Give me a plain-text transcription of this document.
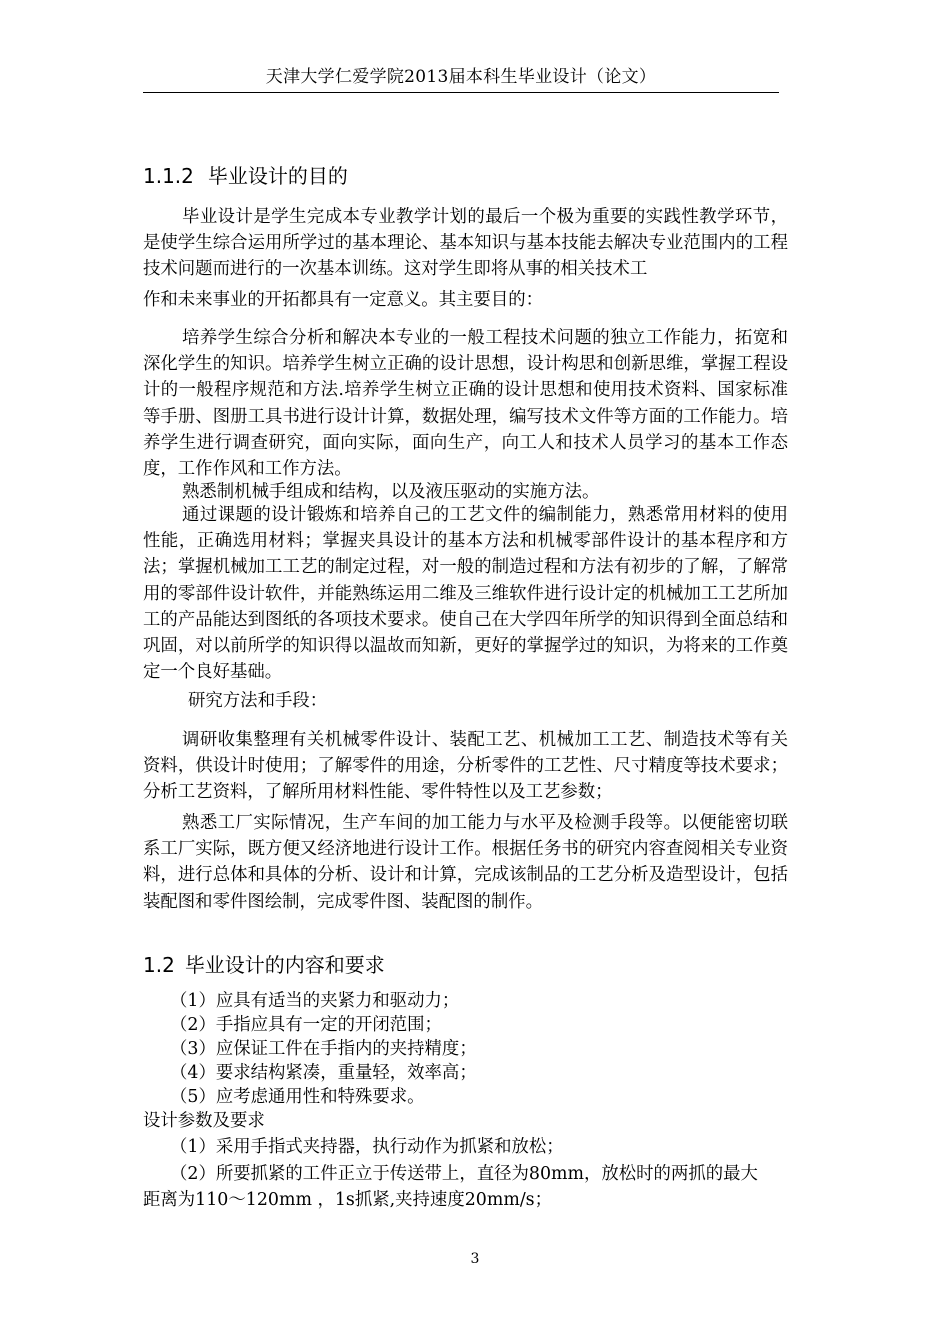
天津大学仁爱学院2013届本科生毕业设计（论文）
1.1.2 毕业设计的目的

毕业设计是学生完成本专业教学计划的最后一个极为重要的实践性教学环节，是使学生综合运用所学过的基本理论、基本知识与基本技能去解决专业范围内的工程技术问题而进行的一次基本训练。这对学生即将从事的相关技术工

作和未来事业的开拓都具有一定意义。其主要目的：

培养学生综合分析和解决本专业的一般工程技术问题的独立工作能力，拓宽和深化学生的知识。培养学生树立正确的设计思想，设计构思和创新思维，掌握工程设计的一般程序规范和方法.培养学生树立正确的设计思想和使用技术资料、国家标准等手册、图册工具书进行设计计算，数据处理，编写技术文件等方面的工作能力。培养学生进行调查研究，面向实际，面向生产，向工人和技术人员学习的基本工作态度，工作作风和工作方法。

熟悉制机械手组成和结构，以及液压驱动的实施方法。

通过课题的设计锻炼和培养自己的工艺文件的编制能力，熟悉常用材料的使用性能，正确选用材料；掌握夹具设计的基本方法和机械零部件设计的基本程序和方法；掌握机械加工工艺的制定过程，对一般的制造过程和方法有初步的了解，了解常用的零部件设计软件，并能熟练运用二维及三维软件进行设计定的机械加工工艺所加工的产品能达到图纸的各项技术要求。使自己在大学四年所学的知识得到全面总结和巩固，对以前所学的知识得以温故而知新，更好的掌握学过的知识，为将来的工作奠定一个良好基础。

研究方法和手段：

调研收集整理有关机械零件设计、装配工艺、机械加工工艺、制造技术等有关资料，供设计时使用；了解零件的用途，分析零件的工艺性、尺寸精度等技术要求；分析工艺资料，了解所用材料性能、零件特性以及工艺参数；

熟悉工厂实际情况，生产车间的加工能力与水平及检测手段等。以便能密切联系工厂实际，既方便又经济地进行设计工作。根据任务书的研究内容查阅相关专业资料，进行总体和具体的分析、设计和计算，完成该制品的工艺分析及造型设计，包括装配图和零件图绘制，完成零件图、装配图的制作。

1.2 毕业设计的内容和要求
（1）应具有适当的夹紧力和驱动力；
（2）手指应具有一定的开闭范围；
（3）应保证工件在手指内的夹持精度；
（4）要求结构紧凑，重量轻，效率高；
（5）应考虑通用性和特殊要求。
设计参数及要求
（1）采用手指式夹持器，执行动作为抓紧和放松；
（2）所要抓紧的工件正立于传送带上，直径为80mm，放松时的两抓的最大
距离为110～120mm ，1s抓紧,夹持速度20mm/s；
3
